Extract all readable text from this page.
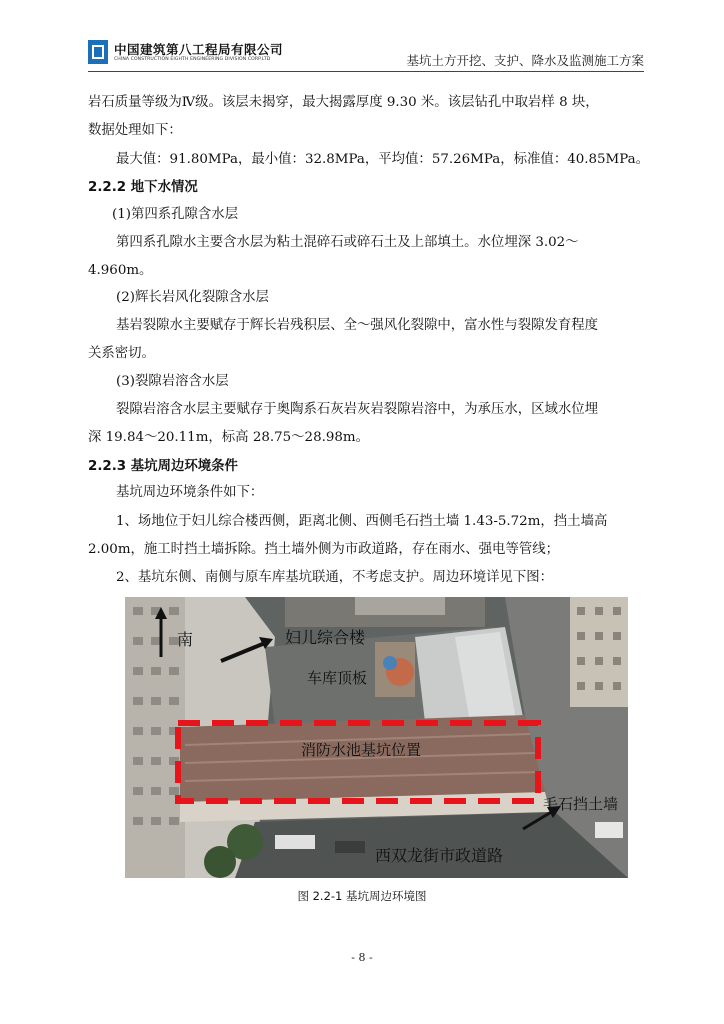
中国建筑第八工程局有限公司
CHINA CONSTRUCTION EIGHTH ENGINEERING DIVISION CORP.LTD	基坑土方开挖、支护、降水及监测施工方案
岩石质量等级为Ⅳ级。该层未揭穿，最大揭露厚度 9.30 米。该层钻孔中取岩样 8 块，
数据处理如下：
最大值：91.80MPa，最小值：32.8MPa，平均值：57.26MPa，标准值：40.85MPa。
2.2.2 地下水情况
(1)第四系孔隙含水层
第四系孔隙水主要含水层为粘土混碎石或碎石土及上部填土。水位埋深 3.02～
4.960m。
(2)辉长岩风化裂隙含水层
基岩裂隙水主要赋存于辉长岩残积层、全～强风化裂隙中，富水性与裂隙发育程度
关系密切。
(3)裂隙岩溶含水层
裂隙岩溶含水层主要赋存于奥陶系石灰岩灰岩裂隙岩溶中，为承压水，区域水位埋
深 19.84～20.11m，标高 28.75～28.98m。
2.2.3 基坑周边环境条件
基坑周边环境条件如下：
1、场地位于妇儿综合楼西侧，距离北侧、西侧毛石挡土墙 1.43-5.72m，挡土墙高
2.00m，施工时挡土墙拆除。挡土墙外侧为市政道路，存在雨水、强电等管线；
2、基坑东侧、南侧与原车库基坑联通，不考虑支护。周边环境详见下图：
南	妇儿综合楼
车库顶板
消防水池基坑位置
毛石挡土墙
西双龙街市政道路
图 2.2-1 基坑周边环境图
- 8 -
